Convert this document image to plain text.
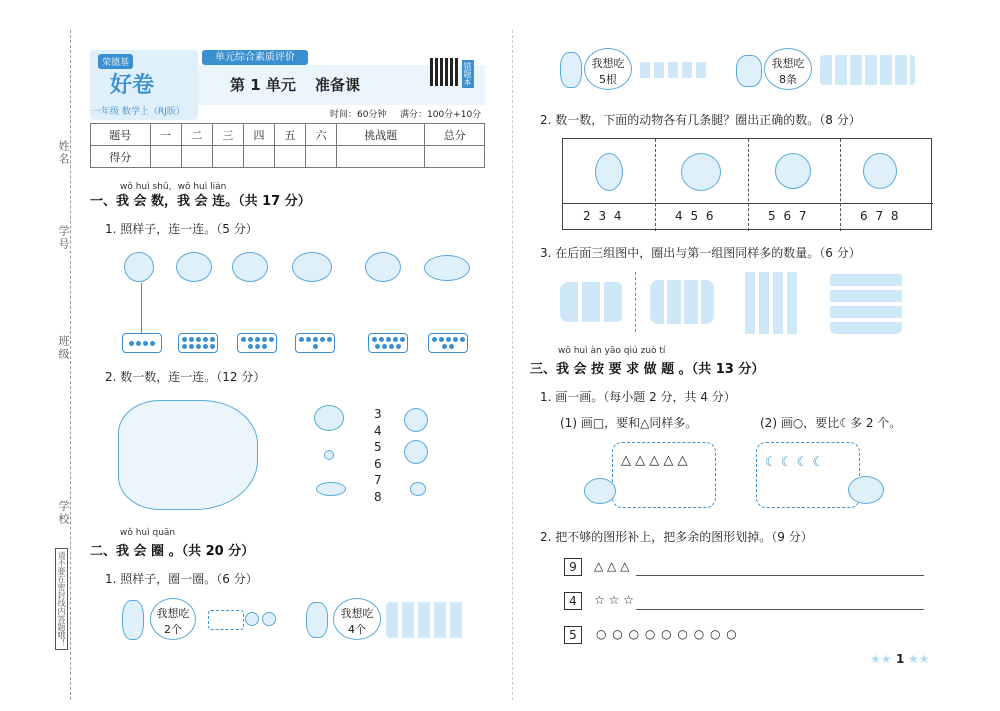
姓名
学号
班级
学校
请不要在密封线内答题哦！
荣德基
好卷
一年级 数学上（RJ版）
单元综合素质评价
第 1 单元 准备课	错题本
时间：60分钟 满分：100分+10分
题号	一	二	三	四	五	六	挑战题	总分
得分								
wǒ huì shǔ，wǒ huì lián
一、我 会 数，我 会 连。（共 17 分）
1. 照样子，连一连。（5 分）
2. 数一数，连一连。（12 分）
3
4
5
6
7
8
wǒ huì quān
二、我 会 圈 。（共 20 分）
1. 照样子，圈一圈。（6 分）
我想吃
2个
我想吃
4个
我想吃
5根
我想吃
8条
2. 数一数，下面的动物各有几条腿？圈出正确的数。（8 分）
2 3 4	4 5 6	5 6 7	6 7 8
3. 在后面三组图中，圈出与第一组图同样多的数量。（6 分）
wǒ huì àn yāo qiú zuò tí
三、我 会 按 要 求 做 题 。（共 13 分）
1. 画一画。（每小题 2 分，共 4 分）
(1) 画□，要和△同样多。	(2) 画○，要比☾多 2 个。
△ △ △ △ △	☾ ☾ ☾ ☾
2. 把不够的图形补上，把多余的图形划掉。（9 分）
9	△ △ △
4	☆ ☆ ☆
5	○ ○ ○ ○ ○ ○ ○ ○ ○
★★ 1 ★★
